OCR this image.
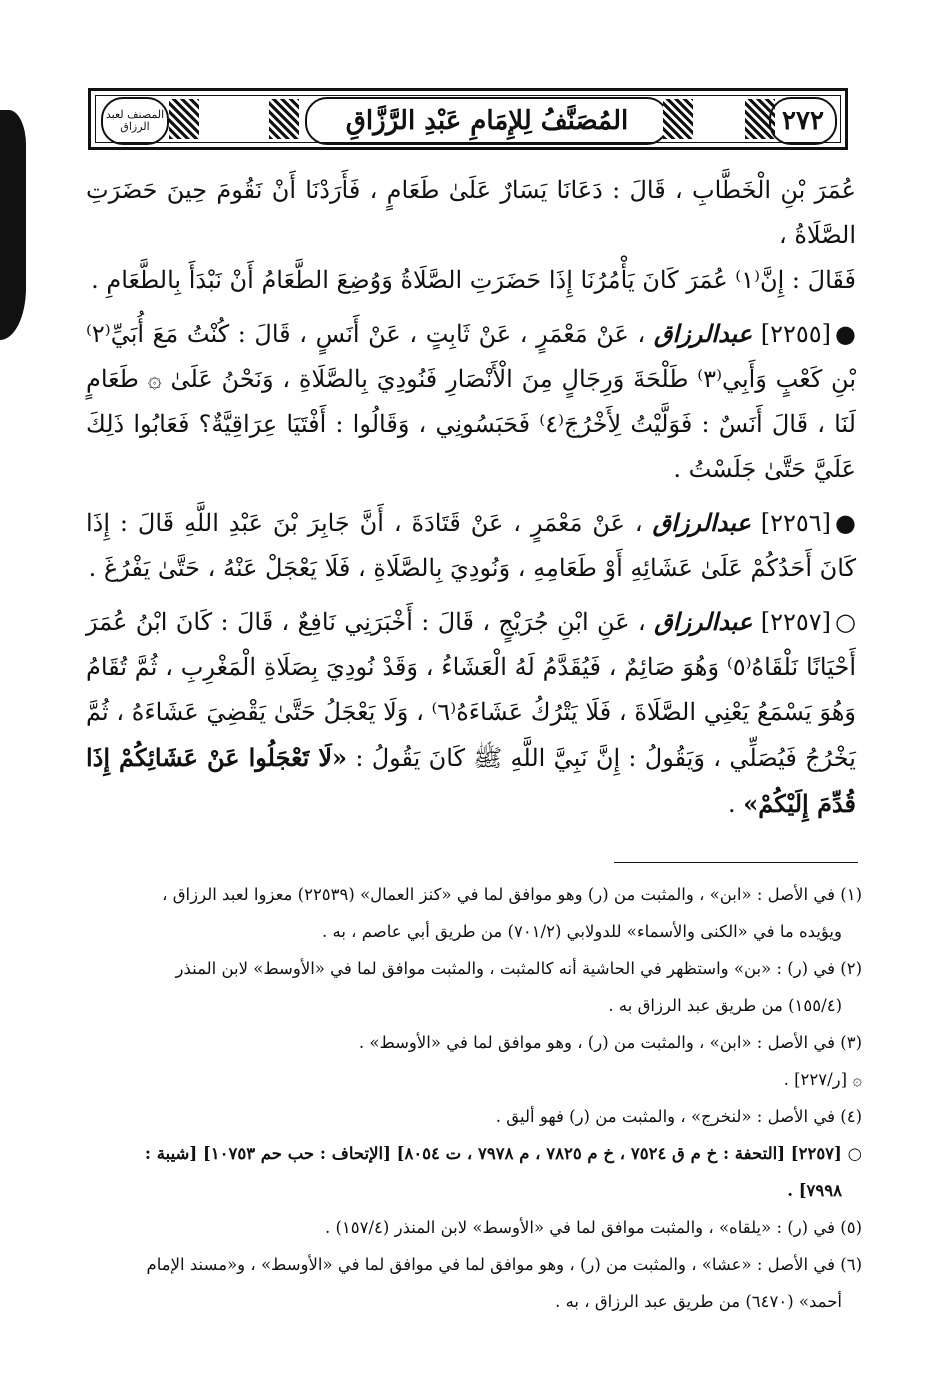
المصنف لعبد الرزاق	المُصَنَّفُ لِلإِمَامِ عَبْدِ الرَّزَّاقِ	٢٧٢

عُمَرَ بْنِ الْخَطَّابِ ، قَالَ : دَعَانَا يَسَارٌ عَلَىٰ طَعَامٍ ، فَأَرَدْنَا أَنْ نَقُومَ حِينَ حَضَرَتِ الصَّلَاةُ ،
فَقَالَ : إِنَّ⁽١⁾ عُمَرَ كَانَ يَأْمُرُنَا إِذَا حَضَرَتِ الصَّلَاةُ وَوُضِعَ الطَّعَامُ أَنْ نَبْدَأَ بِالطَّعَامِ .

●[٢٢٥٥] عبدالرزاق ، عَنْ مَعْمَرٍ ، عَنْ ثَابِتٍ ، عَنْ أَنَسٍ ، قَالَ : كُنْتُ مَعَ أُبَيِّ⁽٢⁾ بْنِ كَعْبٍ وَأَبِي⁽٣⁾ طَلْحَةَ وَرِجَالٍ مِنَ الْأَنْصَارِ فَنُودِيَ بِالصَّلَاةِ ، وَنَحْنُ عَلَىٰ ۞ طَعَامٍ لَنَا ، قَالَ أَنَسٌ : فَوَلَّيْتُ لِأَخْرُجَ⁽٤⁾ فَحَبَسُونِي ، وَقَالُوا : أَفْتَيَا عِرَاقِيَّةٌ؟ فَعَابُوا ذَلِكَ عَلَيَّ حَتَّىٰ جَلَسْتُ .

●[٢٢٥٦] عبدالرزاق ، عَنْ مَعْمَرٍ ، عَنْ قَتَادَةَ ، أَنَّ جَابِرَ بْنَ عَبْدِ اللَّهِ قَالَ : إِذَا كَانَ أَحَدُكُمْ عَلَىٰ عَشَائِهِ أَوْ طَعَامِهِ ، وَنُودِيَ بِالصَّلَاةِ ، فَلَا يَعْجَلْ عَنْهُ ، حَتَّىٰ يَفْرُغَ .

○[٢٢٥٧] عبدالرزاق ، عَنِ ابْنِ جُرَيْجٍ ، قَالَ : أَخْبَرَنِي نَافِعٌ ، قَالَ : كَانَ ابْنُ عُمَرَ أَحْيَانًا نَلْقَاهُ⁽٥⁾ وَهُوَ صَائِمٌ ، فَيُقَدَّمُ لَهُ الْعَشَاءُ ، وَقَدْ نُودِيَ بِصَلَاةِ الْمَغْرِبِ ، ثُمَّ تُقَامُ وَهُوَ يَسْمَعُ يَعْنِي الصَّلَاةَ ، فَلَا يَتْرُكُ عَشَاءَهُ⁽٦⁾ ، وَلَا يَعْجَلُ حَتَّىٰ يَقْضِيَ عَشَاءَهُ ، ثُمَّ يَخْرُجُ فَيُصَلِّي ، وَيَقُولُ : إِنَّ نَبِيَّ اللَّهِ ﷺ كَانَ يَقُولُ : «لَا تَعْجَلُوا عَنْ عَشَائِكُمْ إِذَا قُدِّمَ إِلَيْكُمْ» .

(١) في الأصل : «ابن» ، والمثبت من (ر) وهو موافق لما في «كنز العمال» (٢٢٥٣٩) معزوا لعبد الرزاق ،

ويؤيده ما في «الكنى والأسماء» للدولابي (٧٠١/٢) من طريق أبي عاصم ، به .

(٢) في (ر) : «بن» واستظهر في الحاشية أنه كالمثبت ، والمثبت موافق لما في «الأوسط» لابن المنذر

(١٥٥/٤) من طريق عبد الرزاق به .

(٣) في الأصل : «ابن» ، والمثبت من (ر) ، وهو موافق لما في «الأوسط» .

۞ [ر/٢٢٧] .

(٤) في الأصل : «لنخرج» ، والمثبت من (ر) فهو أليق .

○ [٢٢٥٧] [التحفة : خ م ق ٧٥٢٤ ، خ م ٧٨٢٥ ، م ٧٩٧٨ ، ت ٨٠٥٤] [الإتحاف : حب حم ١٠٧٥٣] [شيبة :

٧٩٩٨] .

(٥) في (ر) : «يلقاه» ، والمثبت موافق لما في «الأوسط» لابن المنذر (١٥٧/٤) .

(٦) في الأصل : «عشا» ، والمثبت من (ر) ، وهو موافق لما في موافق لما في «الأوسط» ، و«مسند الإمام

أحمد» (٦٤٧٠) من طريق عبد الرزاق ، به .
